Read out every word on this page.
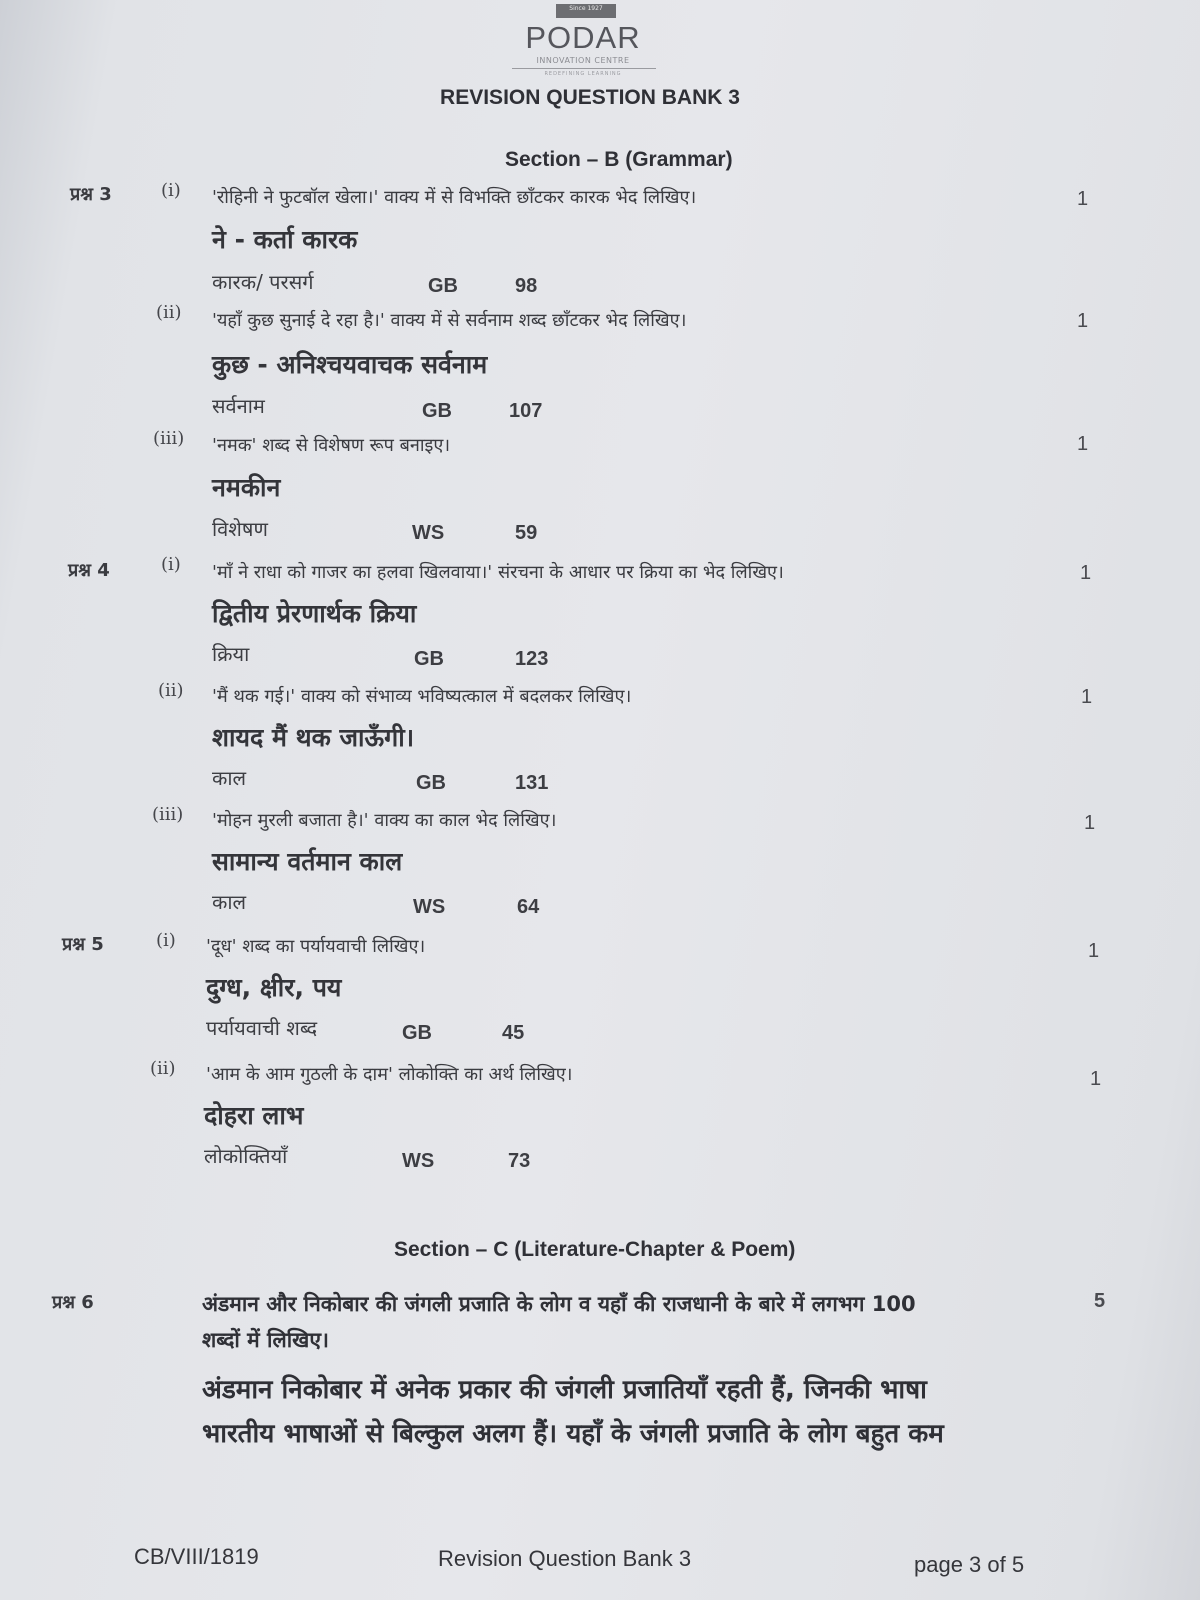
Since 1927
PODAR
INNOVATION CENTRE
REDEFINING LEARNING
REVISION QUESTION BANK 3
Section – B (Grammar)
प्रश्न 3	(i) 'रोहिनी ने फुटबॉल खेला।' वाक्य में से विभक्ति छाँटकर कारक भेद लिखिए।	1
ने - कर्ता कारक
कारक/ परसर्ग	GB	98
(ii) 'यहाँ कुछ सुनाई दे रहा है।' वाक्य में से सर्वनाम शब्द छाँटकर भेद लिखिए।	1
कुछ - अनिश्चयवाचक सर्वनाम
सर्वनाम	GB	107
(iii) 'नमक' शब्द से विशेषण रूप बनाइए।	1
नमकीन
विशेषण	WS	59
प्रश्न 4	(i) 'माँ ने राधा को गाजर का हलवा खिलवाया।' संरचना के आधार पर क्रिया का भेद लिखिए।	1
द्वितीय प्रेरणार्थक क्रिया
क्रिया	GB	123
(ii) 'मैं थक गई।' वाक्य को संभाव्य भविष्यत्काल में बदलकर लिखिए।	1
शायद मैं थक जाऊँगी।
काल	GB	131
(iii) 'मोहन मुरली बजाता है।' वाक्य का काल भेद लिखिए।	1
सामान्य वर्तमान काल
काल	WS	64
प्रश्न 5	(i) 'दूध' शब्द का पर्यायवाची लिखिए।	1
दुग्ध, क्षीर, पय
पर्यायवाची शब्द	GB	45
(ii) 'आम के आम गुठली के दाम' लोकोक्ति का अर्थ लिखिए।	1
दोहरा लाभ
लोकोक्तियाँ	WS	73
Section – C (Literature-Chapter & Poem)
प्रश्न 6	अंडमान और निकोबार की जंगली प्रजाति के लोग व यहाँ की राजधानी के बारे में लगभग 100
शब्दों में लिखिए।
5
अंडमान निकोबार में अनेक प्रकार की जंगली प्रजातियाँ रहती हैं, जिनकी भाषा
भारतीय भाषाओं से बिल्कुल अलग हैं। यहाँ के जंगली प्रजाति के लोग बहुत कम
CB/VIII/1819	Revision Question Bank 3	page 3 of 5
